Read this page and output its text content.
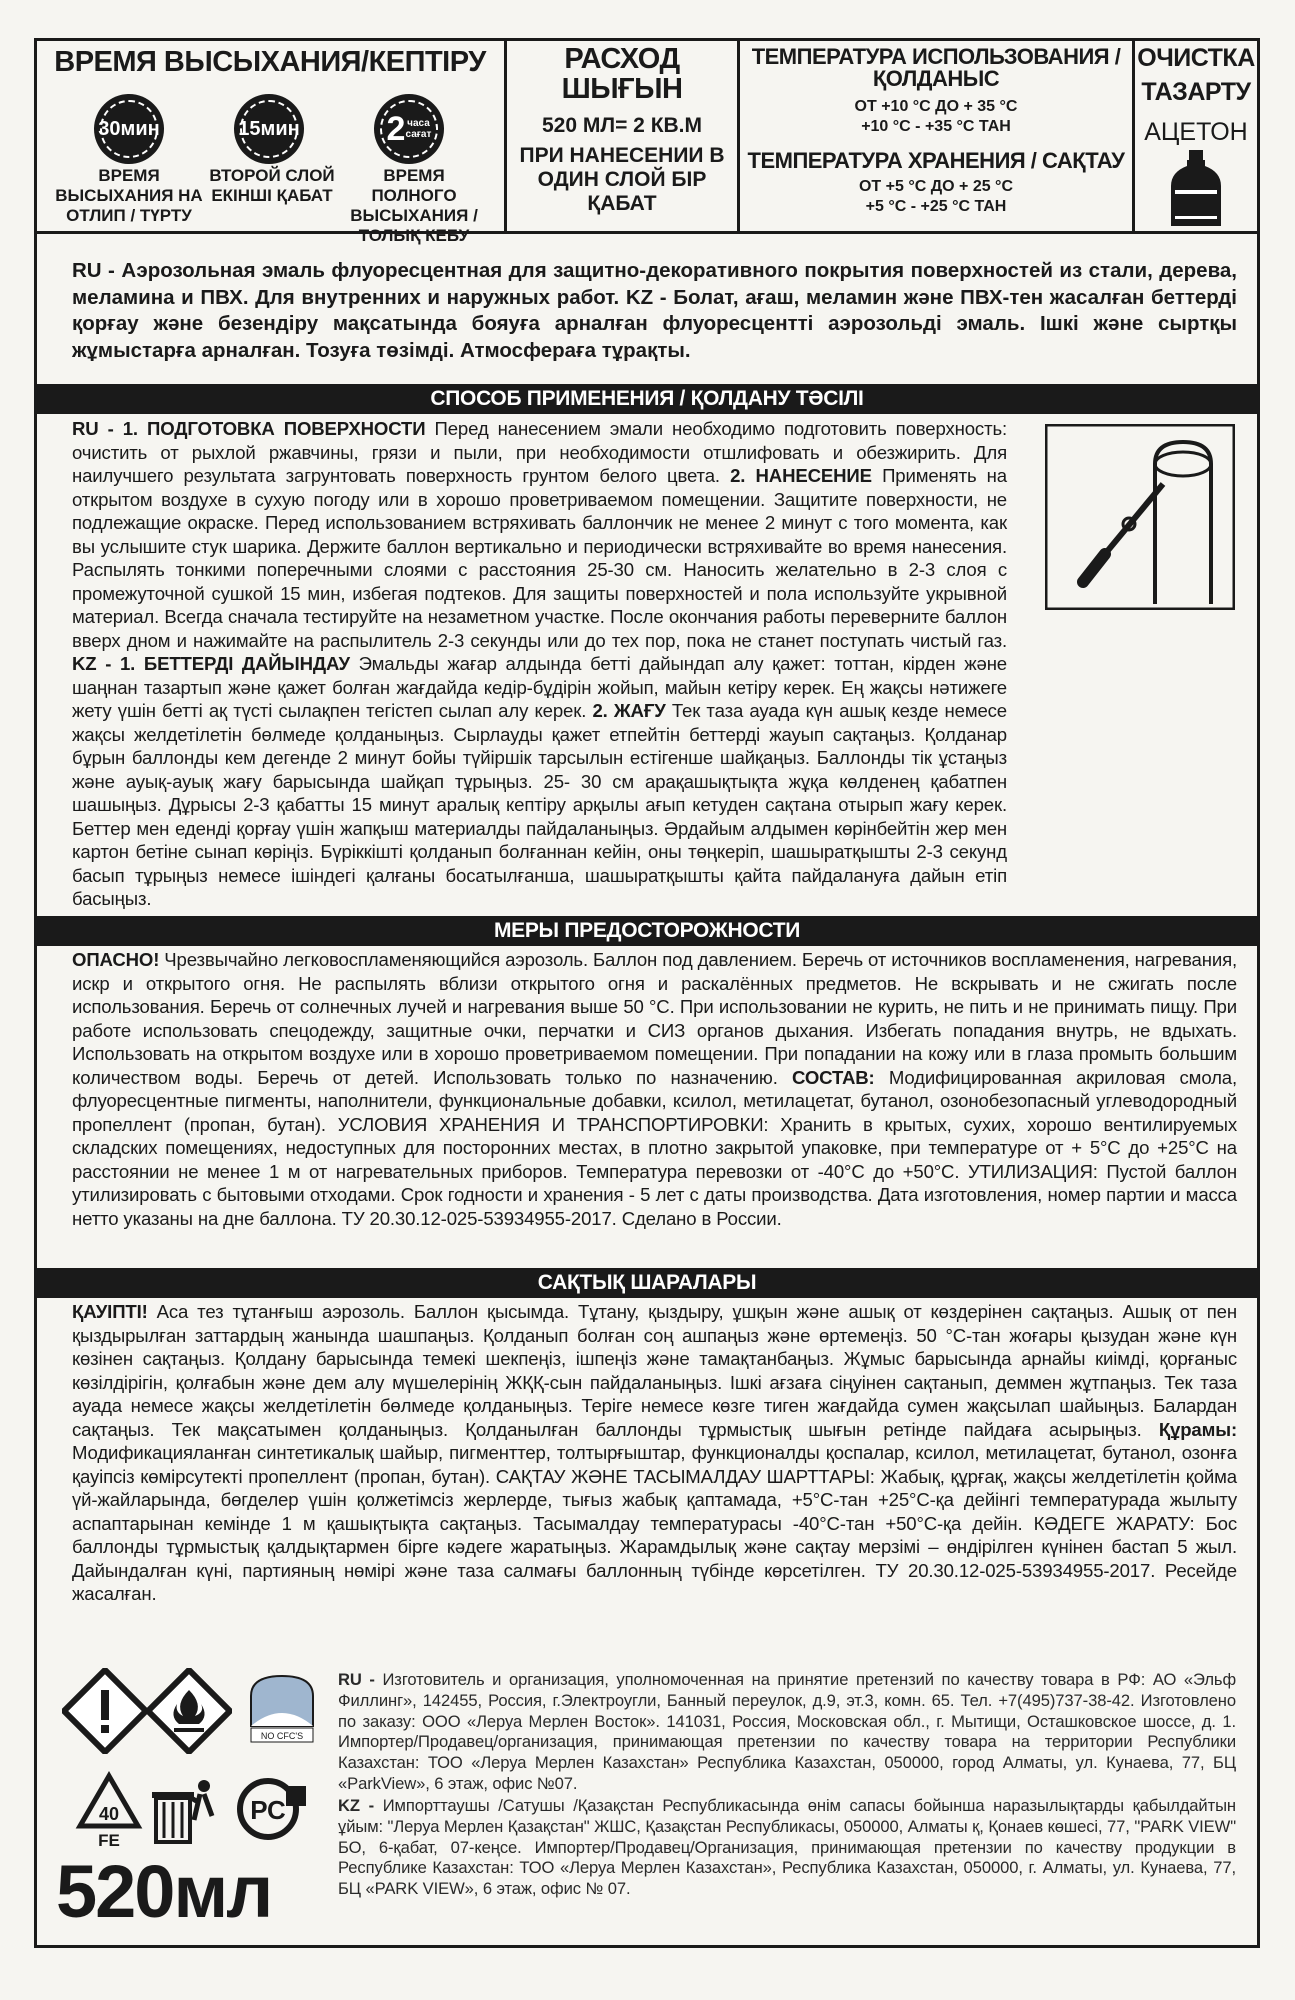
ВРЕМЯ ВЫСЫХАНИЯ/КЕПТІРУ
30мин	15мин	2 часа сағат
ВРЕМЯ ВЫСЫХАНИЯ НА ОТЛИП / ТҮРТУ
ВТОРОЙ СЛОЙ ЕКІНШІ ҚАБАТ
ВРЕМЯ ПОЛНОГО ВЫСЫХАНИЯ / ТОЛЫҚ КЕБУ
РАСХОД
ШЫҒЫН
520 МЛ= 2 КВ.М
ПРИ НАНЕСЕНИИ В ОДИН СЛОЙ БІР ҚАБАТ
ТЕМПЕРАТУРА ИСПОЛЬЗОВАНИЯ / ҚОЛДАНЫС
ОТ +10 °С ДО + 35 °С
+10 °С - +35 °С ТАН
ТЕМПЕРАТУРА ХРАНЕНИЯ / САҚТАУ
ОТ +5 °С ДО + 25 °С
+5 °С - +25 °С ТАН
ОЧИСТКА
ТАЗАРТУ
АЦЕТОН
RU - Аэрозольная эмаль флуоресцентная для защитно-декоративного покрытия поверхностей из стали, дерева, меламина и ПВХ. Для внутренних и наружных работ. KZ - Болат, ағаш, меламин және ПВХ-тен жасалған беттерді қорғау және безендіру мақсатында бояуға арналған флуоресцентті аэрозольді эмаль. Ішкі және сыртқы жұмыстарға арналған. Тозуға төзімді. Атмосфераға тұрақты.
СПОСОБ ПРИМЕНЕНИЯ / ҚОЛДАНУ ТӘСІЛІ
RU - 1. ПОДГОТОВКА ПОВЕРХНОСТИ Перед нанесением эмали необходимо подготовить поверхность: очистить от рыхлой ржавчины, грязи и пыли, при необходимости отшлифовать и обезжирить. Для наилучшего результата загрунтовать поверхность грунтом белого цвета. 2. НАНЕСЕНИЕ Применять на открытом воздухе в сухую погоду или в хорошо проветриваемом помещении. Защитите поверхности, не подлежащие окраске. Перед использованием встряхивать баллончик не менее 2 минут с того момента, как вы услышите стук шарика. Держите баллон вертикально и периодически встряхивайте во время нанесения. Распылять тонкими поперечными слоями с расстояния 25-30 см. Наносить желательно в 2-3 слоя с промежуточной сушкой 15 мин, избегая подтеков. Для защиты поверхностей и пола используйте укрывной материал. Всегда сначала тестируйте на незаметном участке. После окончания работы переверните баллон вверх дном и нажимайте на распылитель 2-3 секунды или до тех пор, пока не станет поступать чистый газ. KZ - 1. БЕТТЕРДІ ДАЙЫНДАУ Эмальды жағар алдында бетті дайындап алу қажет: тоттан, кірден және шаңнан тазартып және қажет болған жағдайда кедір-бұдірін жойып, майын кетіру керек. Ең жақсы нәтижеге жету үшін бетті ақ түсті сылақпен тегістеп сылап алу керек. 2. ЖАҒУ Тек таза ауада күн ашық кезде немесе жақсы желдетілетін бөлмеде қолданыңыз. Сырлауды қажет етпейтін беттерді жауып сақтаңыз. Қолданар бұрын баллонды кем дегенде 2 минут бойы түйіршік тарсылын естігенше шайқаңыз. Баллонды тік ұстаңыз және ауық-ауық жағу барысында шайқап тұрыңыз. 25- 30 см арақашықтықта жұқа көлденең қабатпен шашыңыз. Дұрысы 2-3 қабатты 15 минут аралық кептіру арқылы ағып кетуден сақтана отырып жағу керек. Беттер мен еденді қорғау үшін жапқыш материалды пайдаланыңыз. Әрдайым алдымен көрінбейтін жер мен картон бетіне сынап көріңіз. Бүріккішті қолданып болғаннан кейін, оны төңкеріп, шашыратқышты 2-3 секунд басып тұрыңыз немесе ішіндегі қалғаны босатылғанша, шашыратқышты қайта пайдалануға дайын етіп басыңыз.
МЕРЫ ПРЕДОСТОРОЖНОСТИ
ОПАСНО! Чрезвычайно легковоспламеняющийся аэрозоль. Баллон под давлением. Беречь от источников воспламенения, нагревания, искр и открытого огня. Не распылять вблизи открытого огня и раскалённых предметов. Не вскрывать и не сжигать после использования. Беречь от солнечных лучей и нагревания выше 50 °С. При использовании не курить, не пить и не принимать пищу. При работе использовать спецодежду, защитные очки, перчатки и СИЗ органов дыхания. Избегать попадания внутрь, не вдыхать. Использовать на открытом воздухе или в хорошо проветриваемом помещении. При попадании на кожу или в глаза промыть большим количеством воды. Беречь от детей. Использовать только по назначению. СОСТАВ: Модифицированная акриловая смола, флуоресцентные пигменты, наполнители, функциональные добавки, ксилол, метилацетат, бутанол, озонобезопасный углеводородный пропеллент (пропан, бутан). УСЛОВИЯ ХРАНЕНИЯ И ТРАНСПОРТИРОВКИ: Хранить в крытых, сухих, хорошо вентилируемых складских помещениях, недоступных для посторонних местах, в плотно закрытой упаковке, при температуре от + 5°С до +25°С на расстоянии не менее 1 м от нагревательных приборов. Температура перевозки от -40°С до +50°С. УТИЛИЗАЦИЯ: Пустой баллон утилизировать с бытовыми отходами. Срок годности и хранения - 5 лет с даты производства. Дата изготовления, номер партии и масса нетто указаны на дне баллона. ТУ 20.30.12-025-53934955-2017. Сделано в России.
САҚТЫҚ ШАРАЛАРЫ
ҚАУІПТІ! Аса тез тұтанғыш аэрозоль. Баллон қысымда. Тұтану, қыздыру, ұшқын және ашық от көздерінен сақтаңыз. Ашық от пен қыздырылған заттардың жанында шашпаңыз. Қолданып болған соң ашпаңыз және өртемеңіз. 50 °С-тан жоғары қызудан және күн көзінен сақтаңыз. Қолдану барысында темекі шекпеңіз, ішпеңіз және тамақтанбаңыз. Жұмыс барысында арнайы киімді, қорғаныс көзілдірігін, қолғабын және дем алу мүшелерінің ЖҚҚ-сын пайдаланыңыз. Ішкі ағзаға сіңуінен сақтанып, деммен жұтпаңыз. Тек таза ауада немесе жақсы желдетілетін бөлмеде қолданыңыз. Теріге немесе көзге тиген жағдайда сумен жақсылап шайыңыз. Балардан сақтаңыз. Тек мақсатымен қолданыңыз. Қолданылған баллонды тұрмыстық шығын ретінде пайдаға асырыңыз. Құрамы: Модификацияланған синтетикалық шайыр, пигменттер, толтырғыштар, функционалды қоспалар, ксилол, метилацетат, бутанол, озонға қауіпсіз көмірсутекті пропеллент (пропан, бутан). САҚТАУ ЖӘНЕ ТАСЫМАЛДАУ ШАРТТАРЫ: Жабық, құрғақ, жақсы желдетілетін қойма үй-жайларында, бөгделер үшін қолжетімсіз жерлерде, тығыз жабық қаптамада, +5°С-тан +25°С-қа дейінгі температурада жылыту аспаптарынан кемінде 1 м қашықтықта сақтаңыз. Тасымалдау температурасы -40°С-тан +50°С-қа дейін. КӘДЕГЕ ЖАРАТУ: Бос баллонды тұрмыстық қалдықтармен бірге кәдеге жаратыңыз. Жарамдылық және сақтау мерзімі – өндірілген күнінен бастап 5 жыл. Дайындалған күні, партияның нөмірі және таза салмағы баллонның түбінде көрсетілген. ТУ 20.30.12-025-53934955-2017. Ресейде жасалған.
NO CFC'S
40
FE
РС
520мл
RU - Изготовитель и организация, уполномоченная на принятие претензий по качеству товара в РФ: АО «Эльф Филлинг», 142455, Россия, г.Электроугли, Банный переулок, д.9, эт.3, комн. 65. Тел. +7(495)737-38-42. Изготовлено по заказу: ООО «Леруа Мерлен Восток». 141031, Россия, Московская обл., г. Мытищи, Осташковское шоссе, д. 1. Импортер/Продавец/организация, принимающая претензии по качеству товара на территории Республики Казахстан: ТОО «Леруа Мерлен Казахстан» Республика Казахстан, 050000, город Алматы, ул. Кунаева, 77, БЦ «ParkView», 6 этаж, офис №07.
KZ - Импорттаушы /Сатушы /Қазақстан Республикасында өнім сапасы бойынша наразылықтарды қабылдайтын ұйым: "Леруа Мерлен Қазақстан" ЖШС, Қазақстан Республикасы, 050000, Алматы қ, Қонаев көшесі, 77, "PARK VIEW" БО, 6-қабат, 07-кеңсе. Импортер/Продавец/Организация, принимающая претензии по качеству продукции в Республике Казахстан: ТОО «Леруа Мерлен Казахстан», Республика Казахстан, 050000, г. Алматы, ул. Кунаева, 77, БЦ «PARK VIEW», 6 этаж, офис № 07.
